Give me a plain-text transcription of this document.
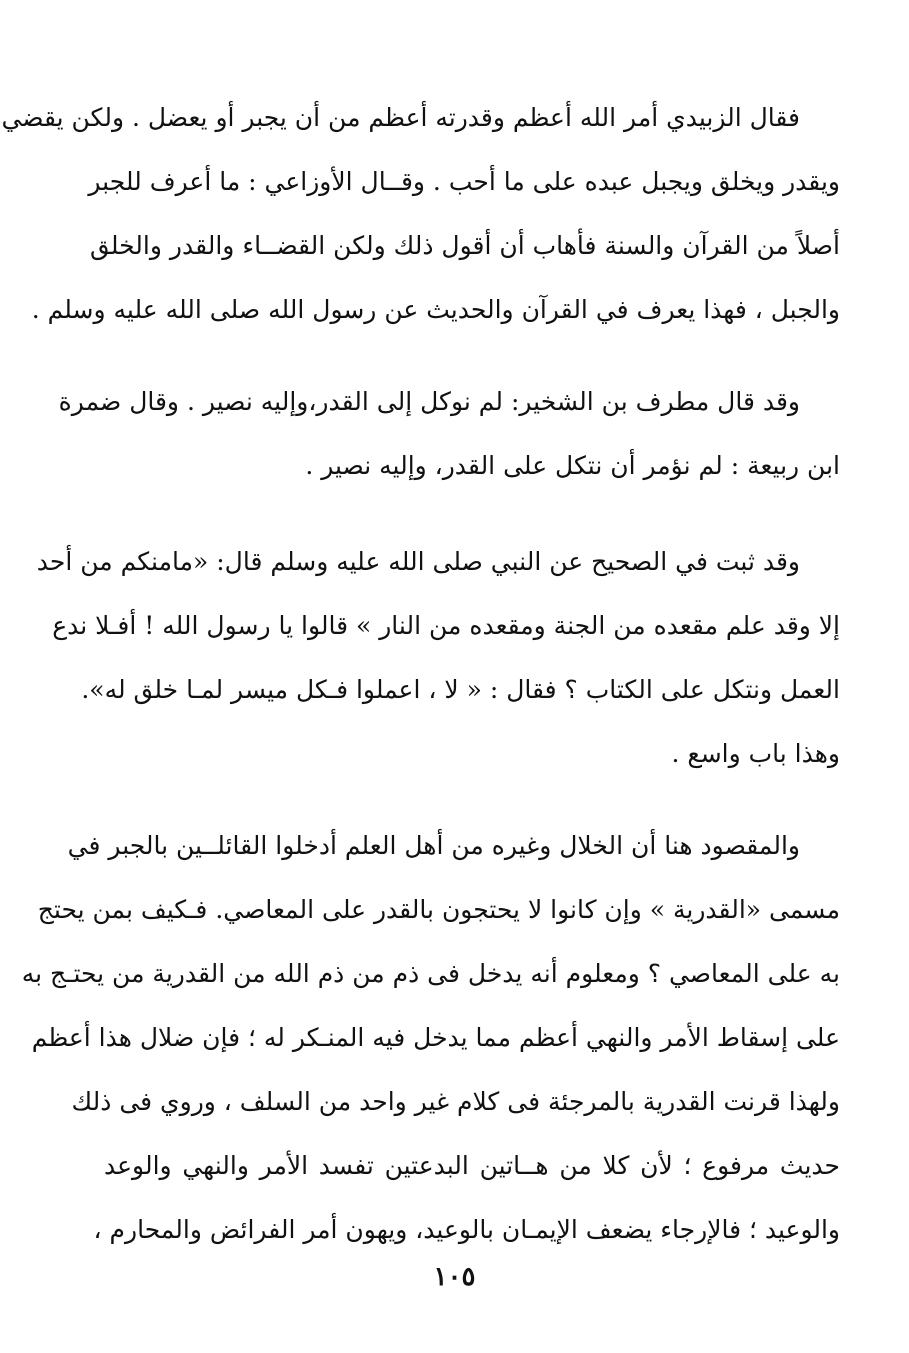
فقال الزبيدي أمر الله أعظم وقدرته أعظم من أن يجبر أو يعضل . ولكن يقضي
ويقدر ويخلق ويجبل عبده على ما أحب . وقــال الأوزاعي : ما أعرف للجبر
أصلاً من القرآن والسنة فأهاب أن أقول ذلك ولكن القضــاء والقدر والخلق
والجبل ، فهذا يعرف في القرآن والحديث عن رسول الله صلى الله عليه وسلم .
وقد قال مطرف بن الشخير: لم نوكل إلى القدر،وإليه نصير . وقال ضمرة
ابن ربيعة : لم نؤمر أن نتكل على القدر، وإليه نصير .
وقد ثبت في الصحيح عن النبي صلى الله عليه وسلم قال: «مامنكم من أحد
إلا وقد علم مقعده من الجنة ومقعده من النار » قالوا يا رسول الله ! أفـلا ندع
العمل ونتكل على الكتاب ؟ فقال : « لا ، اعملوا فـكل ميسر لمـا خلق له».
وهذا باب واسع .
والمقصود هنا أن الخلال وغيره من أهل العلم أدخلوا القائلــين بالجبر في
مسمى «القدرية » وإن كانوا لا يحتجون بالقدر على المعاصي. فـكيف بمن يحتج
به على المعاصي ؟ ومعلوم أنه يدخل فى ذم من ذم الله من القدرية من يحتـج به
على إسقاط الأمر والنهي أعظم مما يدخل فيه المنـكر له ؛ فإن ضلال هذا أعظم
ولهذا قرنت القدرية بالمرجئة فى كلام غير واحد من السلف ، وروي فى ذلك
حديث مرفوع ؛ لأن كلا من هــاتين البدعتين تفسد الأمر والنهي والوعد
والوعيد ؛ فالإرجاء يضعف الإيمـان بالوعيد، ويهون أمر الفرائض والمحارم ،
١٠٥
